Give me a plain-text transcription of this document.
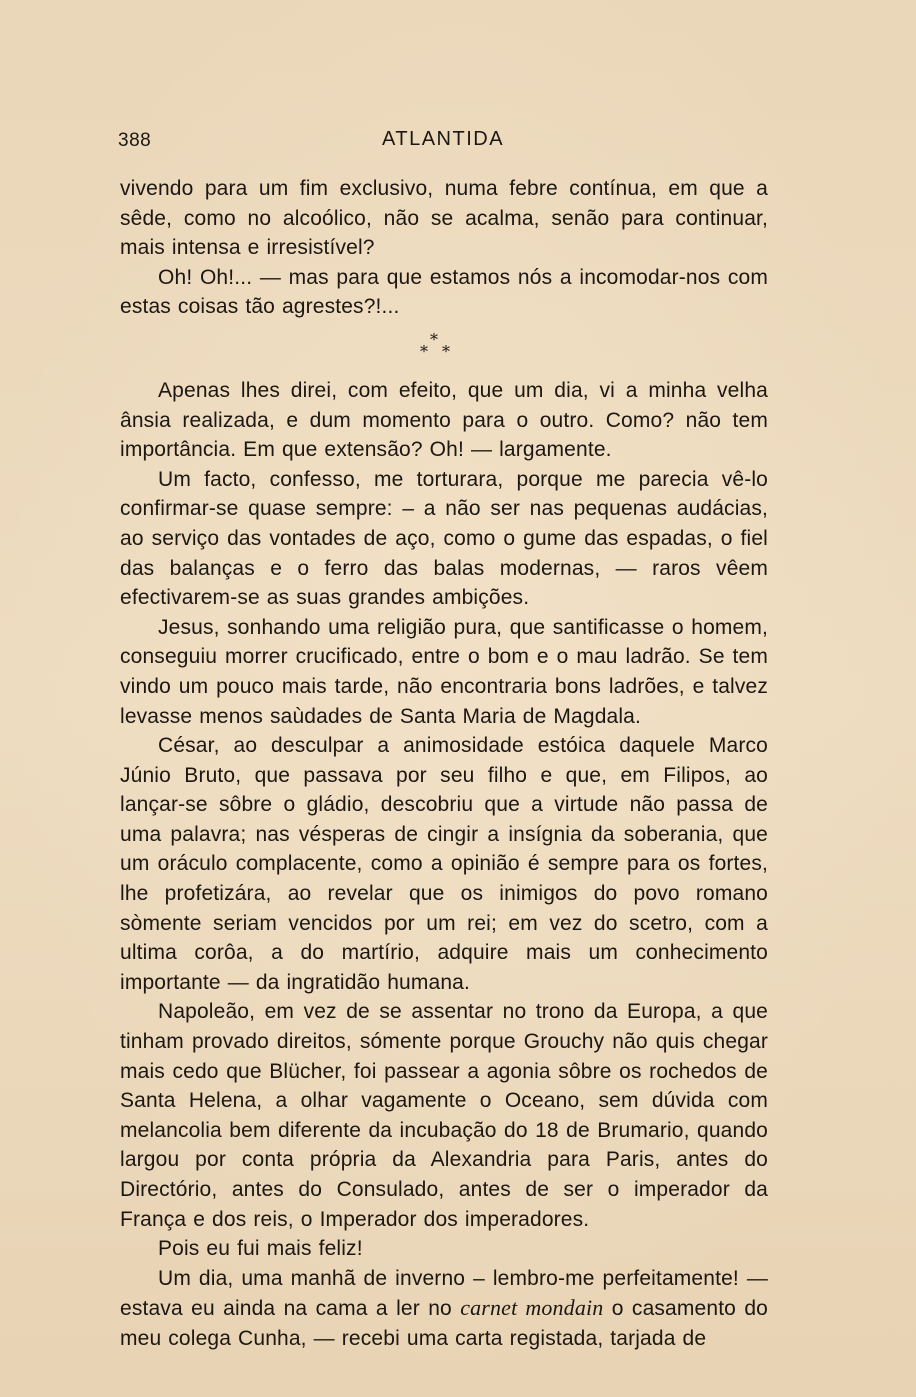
388	ATLANTIDA

vivendo para um fim exclusivo, numa febre contínua, em que a sêde, como no alcoólico, não se acalma, senão para continuar, mais intensa e irresistível?

Oh! Oh!... — mas para que estamos nós a incomodar-nos com estas coisas tão agrestes?!...

*
* *

Apenas lhes direi, com efeito, que um dia, vi a minha velha ânsia realizada, e dum momento para o outro. Como? não tem importância. Em que extensão? Oh! — largamente.

Um facto, confesso, me torturara, porque me parecia vê-lo confirmar-se quase sempre: – a não ser nas pequenas audácias, ao serviço das vontades de aço, como o gume das espadas, o fiel das balanças e o ferro das balas modernas, — raros vêem efectivarem-se as suas grandes ambições.

Jesus, sonhando uma religião pura, que santificasse o homem, conseguiu morrer crucificado, entre o bom e o mau ladrão. Se tem vindo um pouco mais tarde, não encontraria bons ladrões, e talvez levasse menos saùdades de Santa Maria de Magdala.

César, ao desculpar a animosidade estóica daquele Marco Júnio Bruto, que passava por seu filho e que, em Filipos, ao lançar-se sôbre o gládio, descobriu que a virtude não passa de uma palavra; nas vésperas de cingir a insígnia da soberania, que um oráculo complacente, como a opinião é sempre para os fortes, lhe profetizára, ao revelar que os inimigos do povo romano sòmente seriam vencidos por um rei; em vez do scetro, com a ultima corôa, a do martírio, adquire mais um conhecimento importante — da ingratidão humana.

Napoleão, em vez de se assentar no trono da Europa, a que tinham provado direitos, sómente porque Grouchy não quis chegar mais cedo que Blücher, foi passear a agonia sôbre os rochedos de Santa Helena, a olhar vagamente o Oceano, sem dúvida com melancolia bem diferente da incubação do 18 de Brumario, quando largou por conta própria da Alexandria para Paris, antes do Directório, antes do Consulado, antes de ser o imperador da França e dos reis, o Imperador dos imperadores.

Pois eu fui mais feliz!

Um dia, uma manhã de inverno – lembro-me perfeitamente! — estava eu ainda na cama a ler no carnet mondain o casamento do meu colega Cunha, — recebi uma carta registada, tarjada de
